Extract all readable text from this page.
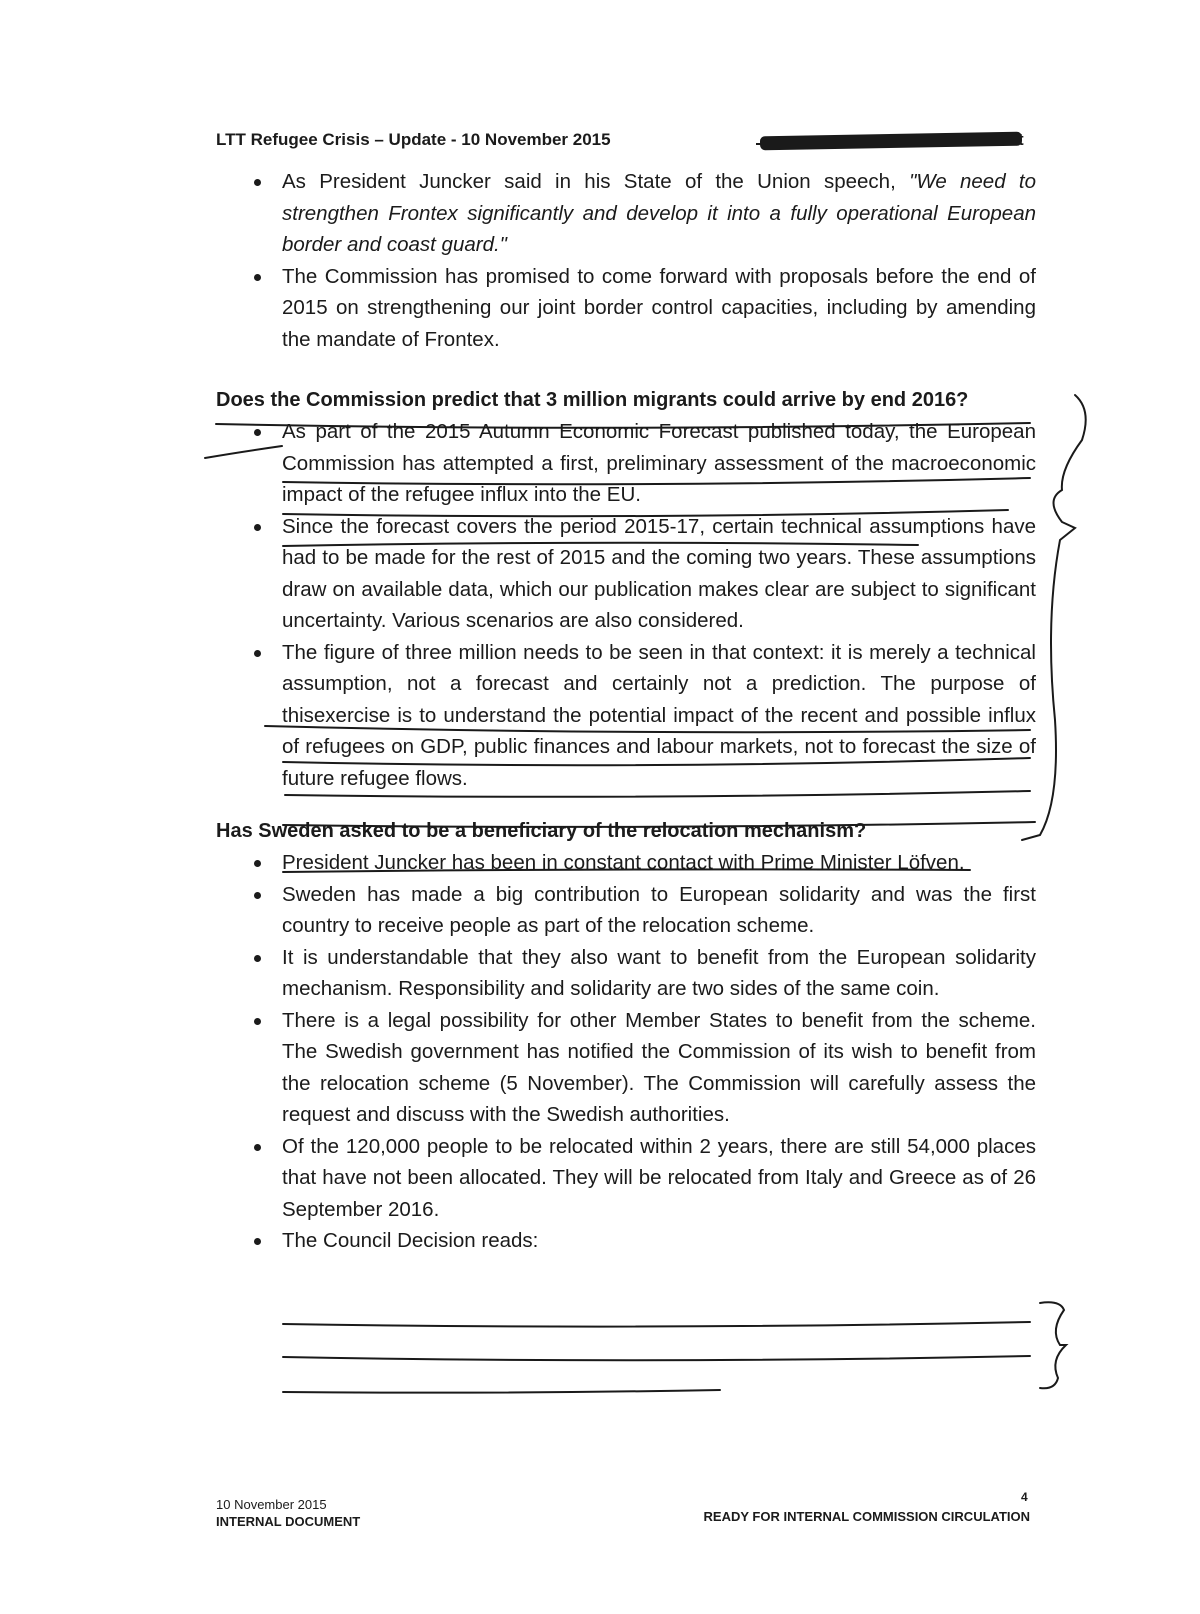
LTT Refugee Crisis – Update - 10 November 2015	t
As President Juncker said in his State of the Union speech, "We need to strengthen Frontex significantly and develop it into a fully operational European border and coast guard."
The Commission has promised to come forward with proposals before the end of 2015 on strengthening our joint border control capacities, including by amending the mandate of Frontex.
Does the Commission predict that 3 million migrants could arrive by end 2016?
As part of the 2015 Autumn Economic Forecast published today, the European Commission has attempted a first, preliminary assessment of the macroeconomic impact of the refugee influx into the EU.
Since the forecast covers the period 2015-17, certain technical assumptions have had to be made for the rest of 2015 and the coming two years. These assumptions draw on available data, which our publication makes clear are subject to significant uncertainty. Various scenarios are also considered.
The figure of three million needs to be seen in that context: it is merely a technical assumption, not a forecast and certainly not a prediction. The purpose of thisexercise is to understand the potential impact of the recent and possible influx of refugees on GDP, public finances and labour markets, not to forecast the size of future refugee flows.
Has Sweden asked to be a beneficiary of the relocation mechanism?
President Juncker has been in constant contact with Prime Minister Löfven.
Sweden has made a big contribution to European solidarity and was the first country to receive people as part of the relocation scheme.
It is understandable that they also want to benefit from the European solidarity mechanism. Responsibility and solidarity are two sides of the same coin.
There is a legal possibility for other Member States to benefit from the scheme. The Swedish government has notified the Commission of its wish to benefit from the relocation scheme (5 November). The Commission will carefully assess the request and discuss with the Swedish authorities.
Of the 120,000 people to be relocated within 2 years, there are still 54,000 places that have not been allocated. They will be relocated from Italy and Greece as of 26 September 2016.
The Council Decision reads:
4
10 November 2015
INTERNAL DOCUMENT	READY FOR INTERNAL COMMISSION CIRCULATION
